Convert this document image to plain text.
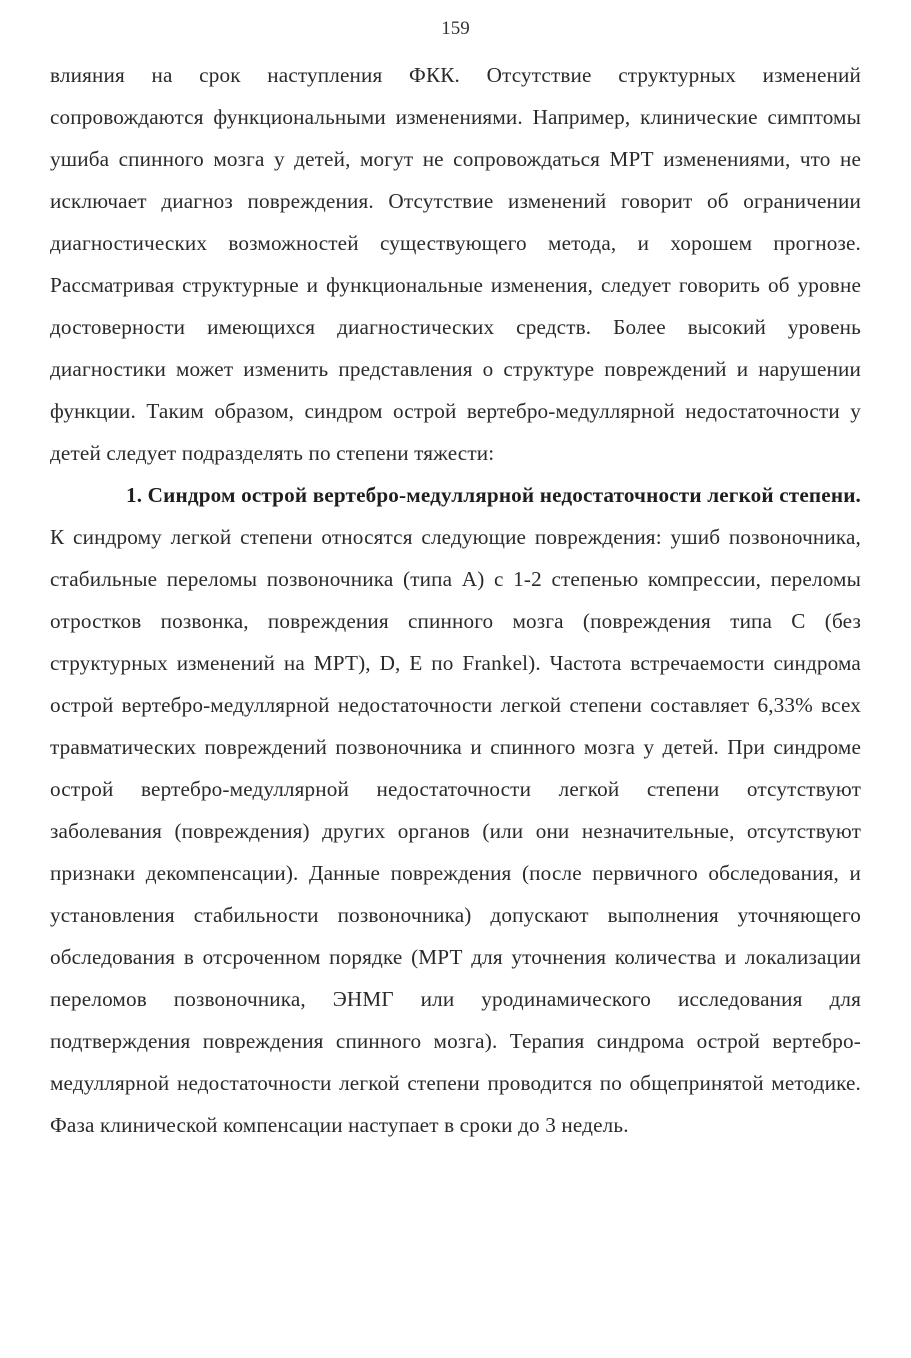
159

влияния на срок наступления ФКК. Отсутствие структурных изменений сопровождаются функциональными изменениями. Например, клинические симптомы ушиба спинного мозга у детей, могут не сопровождаться МРТ изменениями, что не исключает диагноз повреждения. Отсутствие изменений говорит об ограничении диагностических возможностей существующего метода, и хорошем прогнозе. Рассматривая структурные и функциональные изменения, следует говорить об уровне достоверности имеющихся диагностических средств. Более высокий уровень диагностики может изменить представления о структуре повреждений и нарушении функции. Таким образом, синдром острой вертебро-медуллярной недостаточности у детей следует подразделять по степени тяжести:

1. Синдром острой вертебро-медуллярной недостаточности легкой степени. К синдрому легкой степени относятся следующие повреждения: ушиб позвоночника, стабильные переломы позвоночника (типа А) с 1-2 степенью компрессии, переломы отростков позвонка, повреждения спинного мозга (повреждения типа С (без структурных изменений на МРТ), D, E по Frankel). Частота встречаемости синдрома острой вертебро-медуллярной недостаточности легкой степени составляет 6,33% всех травматических повреждений позвоночника и спинного мозга у детей. При синдроме острой вертебро-медуллярной недостаточности легкой степени отсутствуют заболевания (повреждения) других органов (или они незначительные, отсутствуют признаки декомпенсации). Данные повреждения (после первичного обследования, и установления стабильности позвоночника) допускают выполнения уточняющего обследования в отсроченном порядке (МРТ для уточнения количества и локализации переломов позвоночника, ЭНМГ или уродинамического исследования для подтверждения повреждения спинного мозга). Терапия синдрома острой вертебро-медуллярной недостаточности легкой степени проводится по общепринятой методике. Фаза клинической компенсации наступает в сроки до 3 недель.
